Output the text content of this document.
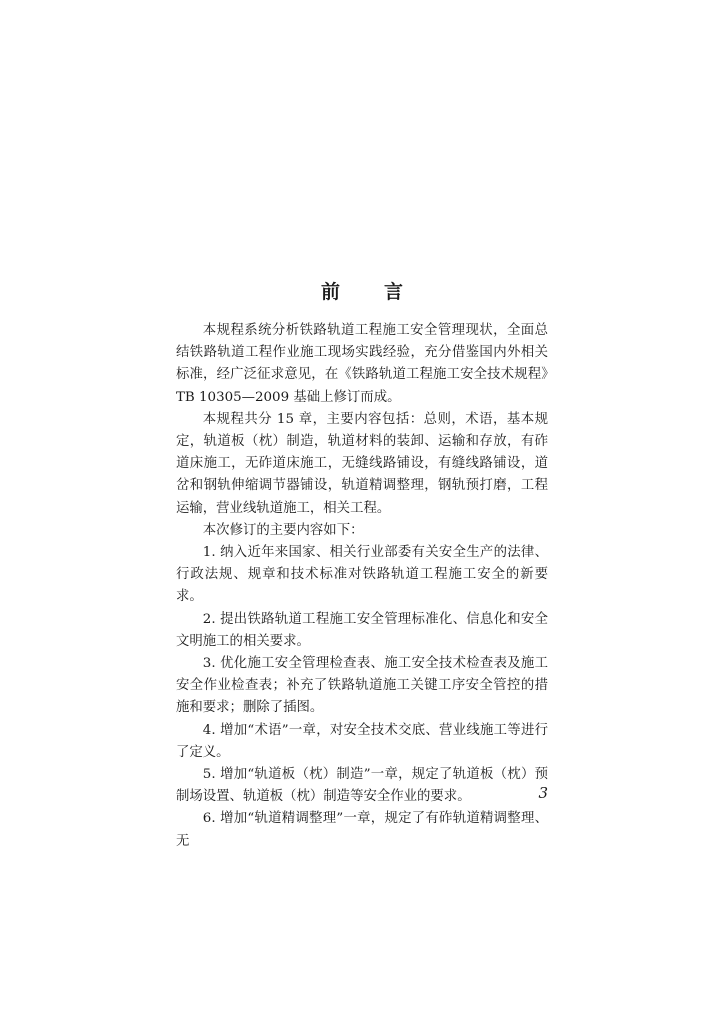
前言

本规程系统分析铁路轨道工程施工安全管理现状，全面总结铁路轨道工程作业施工现场实践经验，充分借鉴国内外相关标准，经广泛征求意见，在《铁路轨道工程施工安全技术规程》TB 10305—2009 基础上修订而成。

本规程共分 15 章，主要内容包括：总则，术语，基本规定，轨道板（枕）制造，轨道材料的装卸、运输和存放，有砟道床施工，无砟道床施工，无缝线路铺设，有缝线路铺设，道岔和钢轨伸缩调节器铺设，轨道精调整理，钢轨预打磨，工程运输，营业线轨道施工，相关工程。

本次修订的主要内容如下：

1. 纳入近年来国家、相关行业部委有关安全生产的法律、行政法规、规章和技术标准对铁路轨道工程施工安全的新要求。

2. 提出铁路轨道工程施工安全管理标准化、信息化和安全文明施工的相关要求。

3. 优化施工安全管理检查表、施工安全技术检查表及施工安全作业检查表；补充了铁路轨道施工关键工序安全管控的措施和要求；删除了插图。

4. 增加“术语”一章，对安全技术交底、营业线施工等进行了定义。

5. 增加“轨道板（枕）制造”一章，规定了轨道板（枕）预制场设置、轨道板（枕）制造等安全作业的要求。

6. 增加“轨道精调整理”一章，规定了有砟轨道精调整理、无

3
